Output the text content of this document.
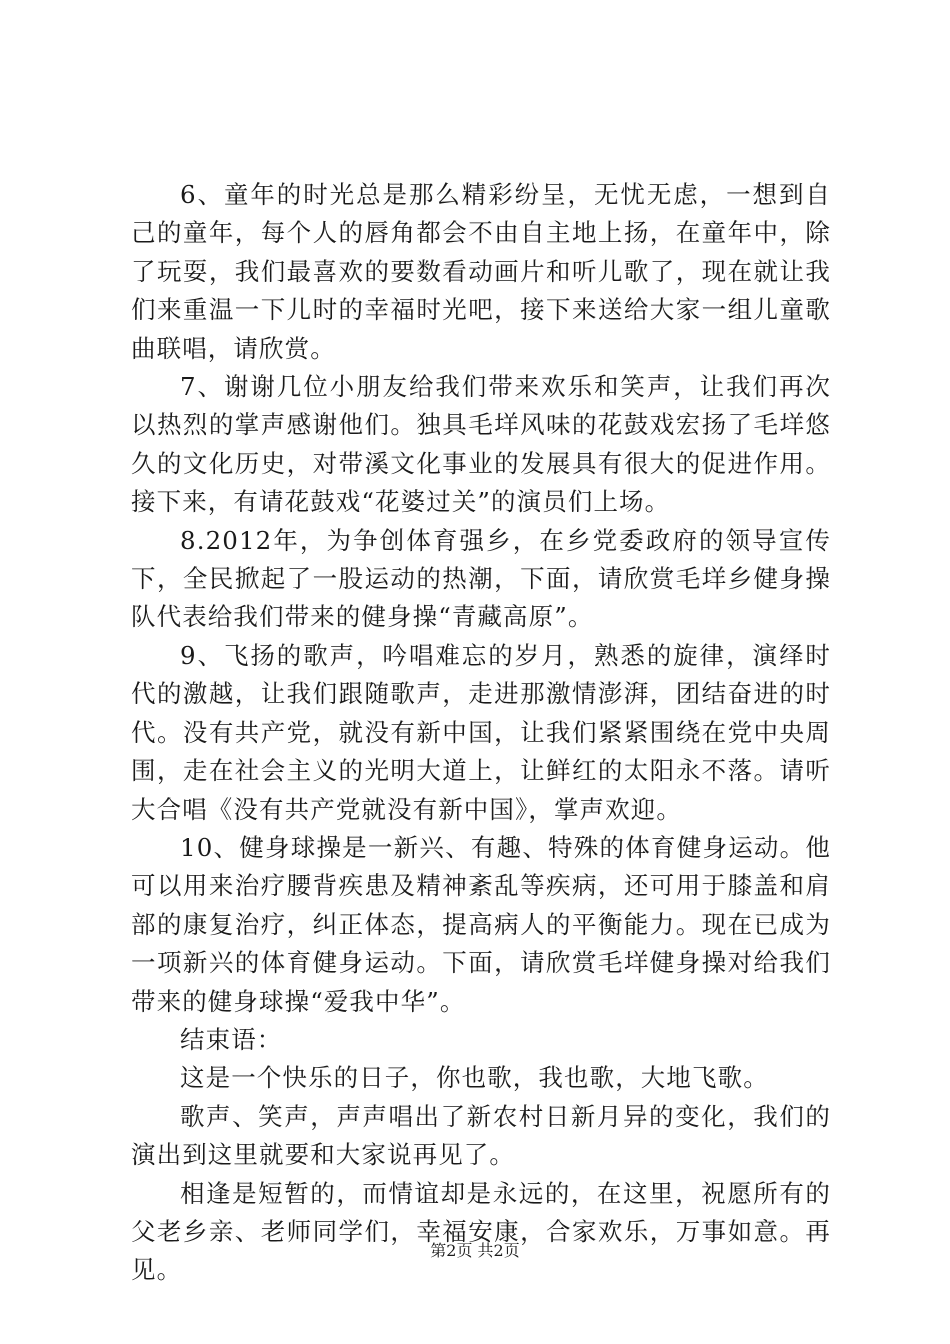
6、童年的时光总是那么精彩纷呈，无忧无虑，一想到自己的童年，每个人的唇角都会不由自主地上扬，在童年中，除了玩耍，我们最喜欢的要数看动画片和听儿歌了，现在就让我们来重温一下儿时的幸福时光吧，接下来送给大家一组儿童歌曲联唱，请欣赏。

7、谢谢几位小朋友给我们带来欢乐和笑声，让我们再次以热烈的掌声感谢他们。独具毛垟风味的花鼓戏宏扬了毛垟悠久的文化历史，对带溪文化事业的发展具有很大的促进作用。接下来，有请花鼓戏“花婆过关”的演员们上场。

8.2012年，为争创体育强乡，在乡党委政府的领导宣传下，全民掀起了一股运动的热潮，下面，请欣赏毛垟乡健身操队代表给我们带来的健身操“青藏高原”。

9、飞扬的歌声，吟唱难忘的岁月，熟悉的旋律，演绎时代的激越，让我们跟随歌声，走进那激情澎湃，团结奋进的时代。没有共产党，就没有新中国，让我们紧紧围绕在党中央周围，走在社会主义的光明大道上，让鲜红的太阳永不落。请听大合唱《没有共产党就没有新中国》，掌声欢迎。

10、健身球操是一新兴、有趣、特殊的体育健身运动。他可以用来治疗腰背疾患及精神紊乱等疾病，还可用于膝盖和肩部的康复治疗，纠正体态，提高病人的平衡能力。现在已成为一项新兴的体育健身运动。下面，请欣赏毛垟健身操对给我们带来的健身球操“爱我中华”。

结束语：

这是一个快乐的日子，你也歌，我也歌，大地飞歌。

歌声、笑声，声声唱出了新农村日新月异的变化，我们的演出到这里就要和大家说再见了。

相逢是短暂的，而情谊却是永远的，在这里，祝愿所有的父老乡亲、老师同学们，幸福安康，合家欢乐，万事如意。再见。

第2页 共2页
